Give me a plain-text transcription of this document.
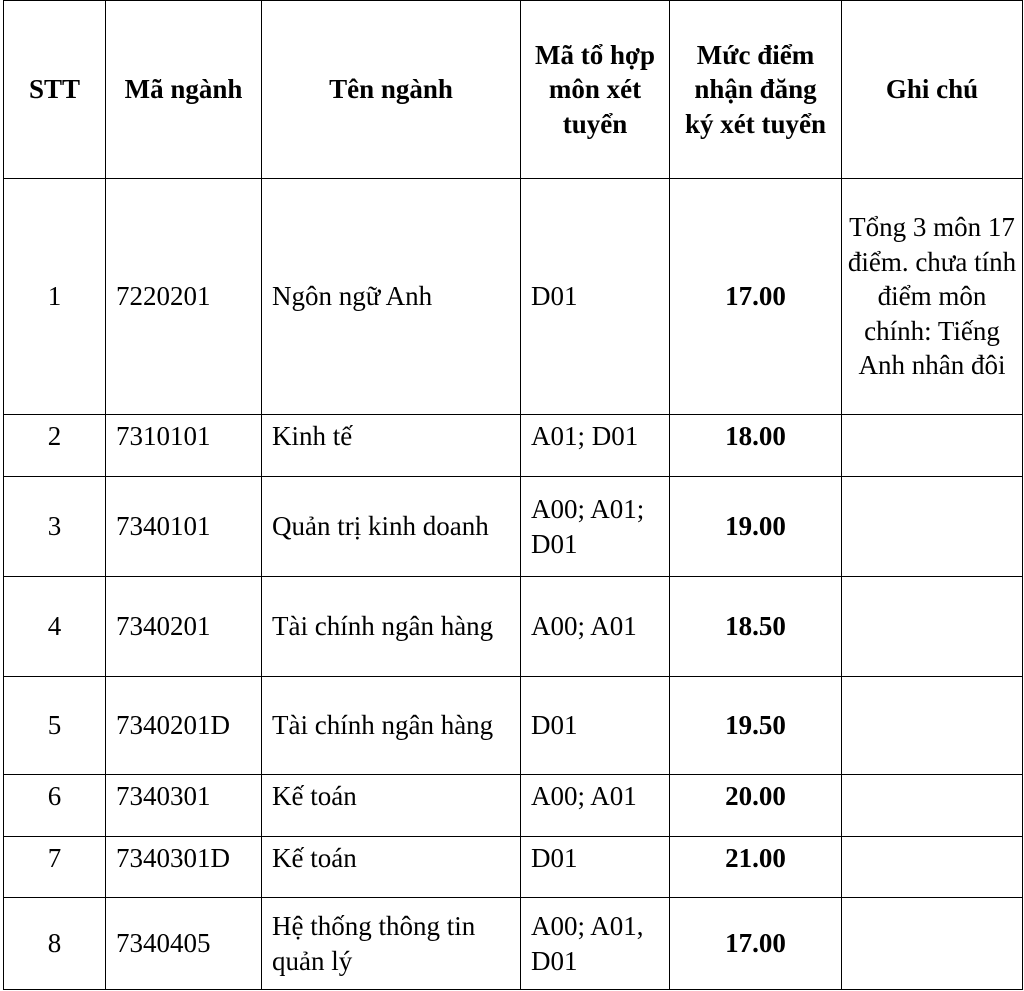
STT	Mã ngành	Tên ngành	Mã tổ hợp môn xét tuyển	Mức điểm nhận đăng ký xét tuyển	Ghi chú
1	7220201	Ngôn ngữ Anh	D01	17.00	Tổng 3 môn 17 điểm. chưa tính điểm môn chính: Tiếng Anh nhân đôi
2	7310101	Kinh tế	A01; D01	18.00	
3	7340101	Quản trị kinh doanh	A00; A01; D01	19.00	
4	7340201	Tài chính ngân hàng	A00; A01	18.50	
5	7340201D	Tài chính ngân hàng	D01	19.50	
6	7340301	Kế toán	A00; A01	20.00	
7	7340301D	Kế toán	D01	21.00	
8	7340405	Hệ thống thông tin quản lý	A00; A01, D01	17.00	
